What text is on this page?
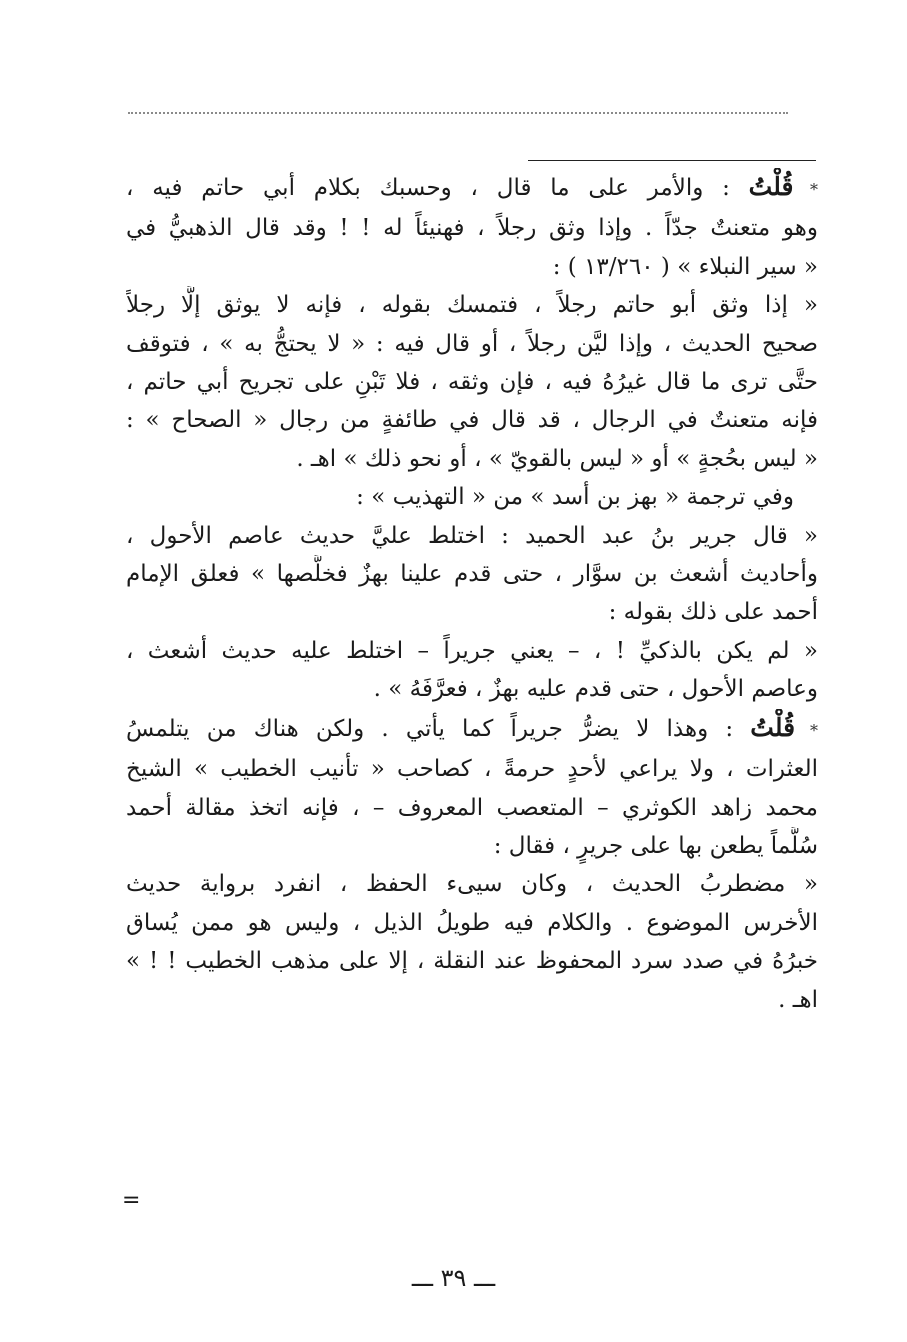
* قُلْتُ : والأمر على ما قال ، وحسبك بكلام أبي حاتم فيه ،
وهو متعنتٌ جدّاً . وإذا وثق رجلاً ، فهنيئاً له ! ! وقد قال الذهبيُّ في
« سير النبلاء » ( ١٣/٢٦٠ ) :

« إذا وثق أبو حاتم رجلاً ، فتمسك بقوله ، فإنه لا يوثق إلَّا رجلاً
صحيح الحديث ، وإذا ليَّن رجلاً ، أو قال فيه : « لا يحتجُّ به » ، فتوقف
حتَّى ترى ما قال غيرُهُ فيه ، فإن وثقه ، فلا تَبْنِ على تجريح أبي حاتم ،
فإنه متعنتٌ في الرجال ، قد قال في طائفةٍ من رجال « الصحاح » :
« ليس بحُجةٍ » أو « ليس بالقويّ » ، أو نحو ذلك » اهـ .

وفي ترجمة « بهز بن أسد » من « التهذيب » :

« قال جرير بنُ عبد الحميد : اختلط عليَّ حديث عاصم الأحول ،
وأحاديث أشعث بن سوَّار ، حتى قدم علينا بهزٌ فخلَّصها » فعلق الإمام
أحمد على ذلك بقوله :

« لم يكن بالذكيِّ ! ، – يعني جريراً – اختلط عليه حديث أشعث ،
وعاصم الأحول ، حتى قدم عليه بهزٌ ، فعرَّفَهُ » .

* قُلْتُ : وهذا لا يضرُّ جريراً كما يأتي . ولكن هناك من يتلمسُ
العثرات ، ولا يراعي لأحدٍ حرمةً ، كصاحب « تأنيب الخطيب » الشيخ
محمد زاهد الكوثري – المتعصب المعروف – ، فإنه اتخذ مقالة أحمد
سُلَّماً يطعن بها على جريرٍ ، فقال :

« مضطربُ الحديث ، وكان سيىء الحفظ ، انفرد برواية حديث
الأخرس الموضوع . والكلام فيه طويلُ الذيل ، وليس هو ممن يُساق
خبرُهُ في صدد سرد المحفوظ عند النقلة ، إلا على مذهب الخطيب ! ! »
اهـ .

=
ـــ ٣٩ ـــ
